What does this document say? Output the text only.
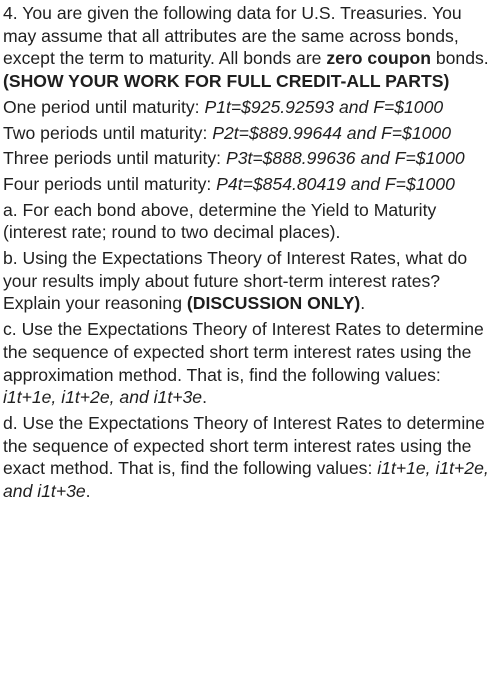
4. You are given the following data for U.S. Treasuries. You may assume that all attributes are the same across bonds, except the term to maturity. All bonds are zero coupon bonds. (SHOW YOUR WORK FOR FULL CREDIT-ALL PARTS)

One period until maturity: P1t=$925.92593 and F=$1000

Two periods until maturity: P2t=$889.99644 and F=$1000

Three periods until maturity: P3t=$888.99636 and F=$1000

Four periods until maturity: P4t=$854.80419 and F=$1000

a. For each bond above, determine the Yield to Maturity (interest rate; round to two decimal places).

b. Using the Expectations Theory of Interest Rates, what do your results imply about future short-term interest rates? Explain your reasoning (DISCUSSION ONLY).

c. Use the Expectations Theory of Interest Rates to determine the sequence of expected short term interest rates using the approximation method. That is, find the following values: i1t+1e, i1t+2e, and i1t+3e.

d. Use the Expectations Theory of Interest Rates to determine the sequence of expected short term interest rates using the exact method. That is, find the following values: i1t+1e, i1t+2e, and i1t+3e.
